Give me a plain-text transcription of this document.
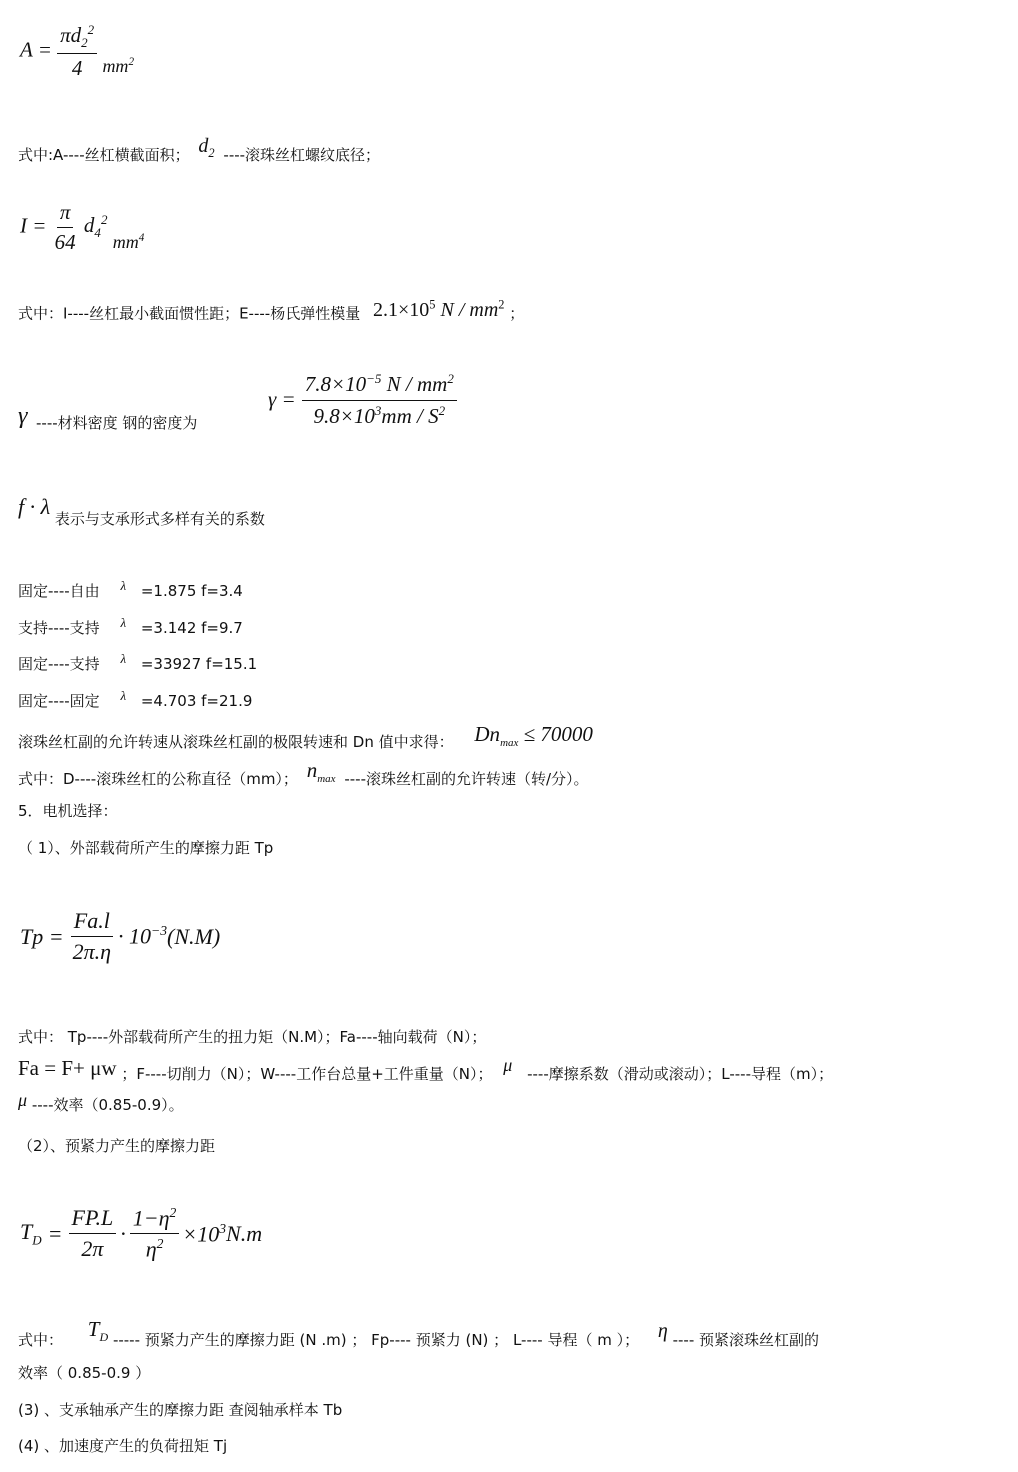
$A = \frac{\pi d_2^2}{4} mm^2$
式中:A----丝杠横截面积； $d_2$ ----滚珠丝杠螺纹底径；
$I = \frac{\pi}{64} d_4^2$ $mm^4$
式中：I----丝杠最小截面惯性距；E----杨氏弹性模量 $2.1\times 10^5$ N / $mm^2$ ；
γ ----材料密度 钢的密度为
$\gamma = \frac{7.8\times 10^{-5} N / mm^2}{9.8\times 10^3mm / S^2}$
f · λ 表示与支承形式多样有关的系数
固定----自由 λ =1.875 f=3.4
支持----支持 λ =3.142 f=9.7
固定----支持 λ =33927 f=15.1
固定----固定 λ =4.703 f=21.9
滚珠丝杠副的允许转速从滚珠丝杠副的极限转速和 Dn 值中求得： $Dn_{max} \le 70000$
式中：D----滚珠丝杠的公称直径（mm）； $n_{max}$ ----滚珠丝杠副的允许转速（转/分）。
5．电机选择：
（ 1）、外部载荷所产生的摩擦力距 Tp
$Tp = \frac{Fa.l}{2\pi.\eta} \cdot 10^{-3}$ (N.M)
式中： Tp----外部载荷所产生的扭力矩（N.M）；Fa----轴向载荷（N）；
Fa = F+ μw ；F----切削力（N）；W----工作台总量+工件重量（N）； μ ----摩擦系数（滑动或滚动）；L----导程（m）；
μ ----效率（0.85-0.9）。
（2）、预紧力产生的摩擦力距
$T_D = \frac{FP.L}{2\pi} \cdot \frac{1-\eta^2}{\eta^2} \times 10^3$ N.m
式中： $T_D$ ----- 预紧力产生的摩擦力距 (N .m) ； Fp---- 预紧力 (N) ； L---- 导程（ m ）； η ---- 预紧滚珠丝杠副的
效率（ 0.85-0.9 ）
(3) 、支承轴承产生的摩擦力距 查阅轴承样本 Tb
(4) 、加速度产生的负荷扭矩 Tj
